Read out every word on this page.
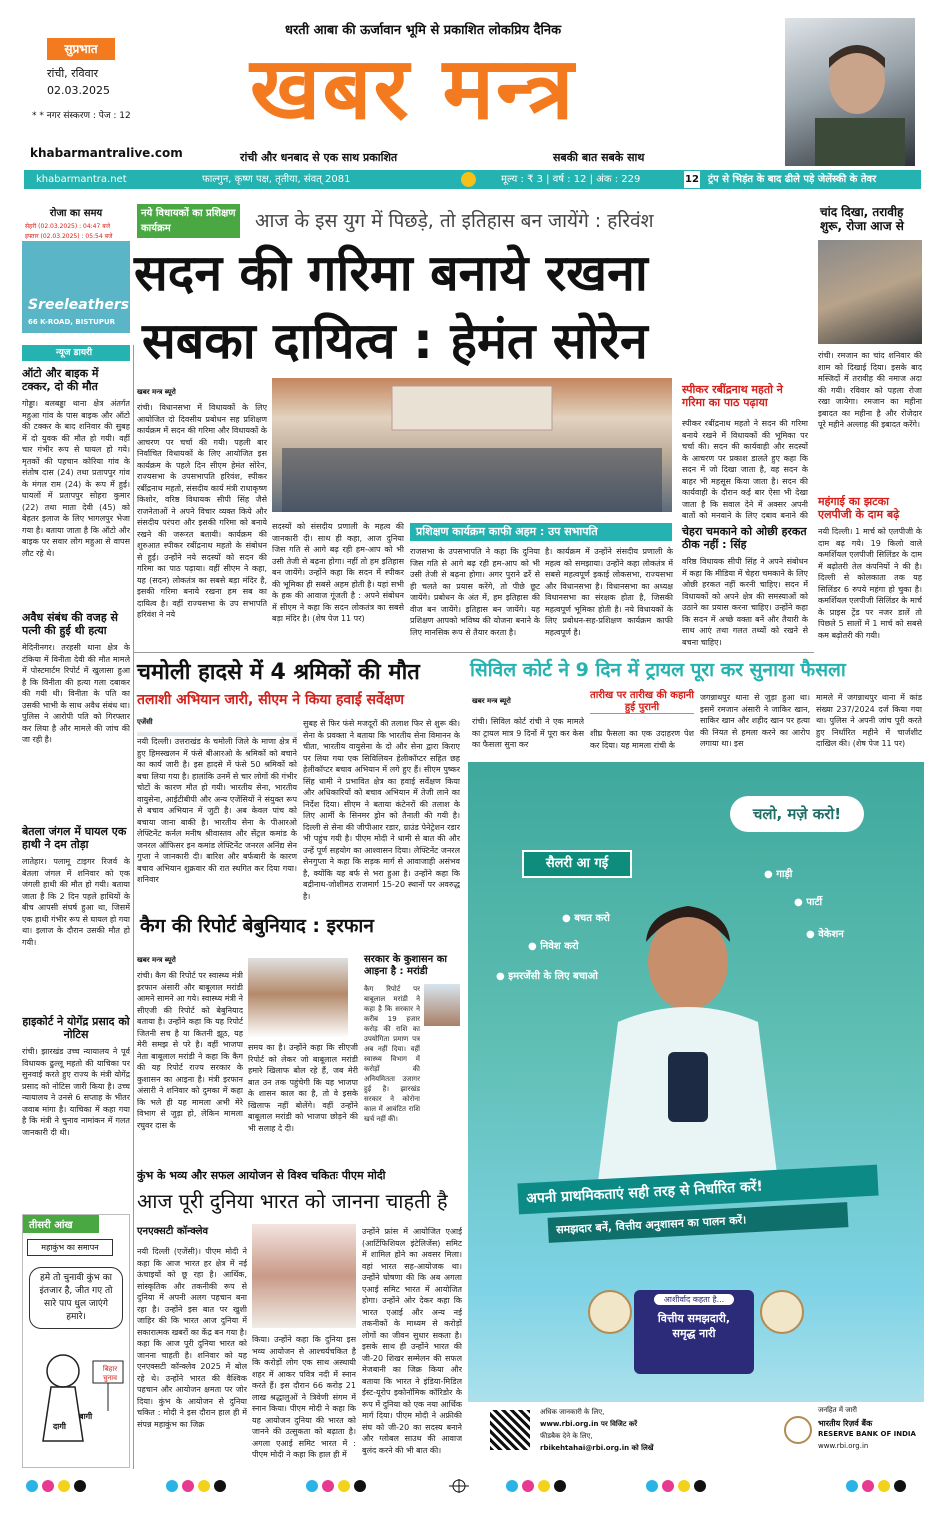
सुप्रभात
रांची, रविवार
02.03.2025
* * नगर संस्करण : पेज : 12
धरती आबा की ऊर्जावान भूमि से प्रकाशित लोकप्रिय दैनिक
खबर मन्त्र
khabarmantralive.com	रांची और धनबाद से एक साथ प्रकाशित	सबकी बात सबके साथ
khabarmantra.net	फाल्गुन, कृष्ण पक्ष, तृतीया, संवत् 2081	मूल्य : ₹ 3 | वर्ष : 12 | अंक : 229	12 ट्रंप से भिड़ंत के बाद ढीले पड़े जेलेंस्की के तेवर
रोजा का समय
सेहरी (02.03.2025) : 04:47 बजे
इफ्तार (02.03.2025) : 05:54 बजे
Sreeleathers
66 K-ROAD, BISTUPUR
नये विधायकों का प्रशिक्षण कार्यक्रम	आज के इस युग में पिछड़े, तो इतिहास बन जायेंगे : हरिवंश
सदन की गरिमा बनाये रखना
सबका दायित्व : हेमंत सोरेन
खबर मन्त्र ब्यूरो
रांची। विधानसभा में विधायकों के लिए आयोजित दो दिवसीय प्रबोधन सह प्रशिक्षण कार्यक्रम में सदन की गरिमा और विधायकों के आचरण पर चर्चा की गयी। पहली बार निर्वाचित विधायकों के लिए आयोजित इस कार्यक्रम के पहले दिन सीएम हेमंत सोरेन, राज्यसभा के उपसभापति हरिवंश, स्पीकर रबींद्रनाथ महतो, संसदीय कार्य मंत्री राधाकृष्ण किशोर, वरिष्ठ विधायक सीपी सिंह जैसे राजनेताओं ने अपने विचार व्यक्त किये और संसदीय परंपरा और इसकी गरिमा को बनाये रखने की जरूरत बतायी। कार्यक्रम की शुरुआत स्पीकर रबींद्रनाथ महतो के संबोधन से हुई। उन्होंने नये सदस्यों को सदन की गरिमा का पाठ पढ़ाया। वहीं सीएम ने कहा, यह (सदन) लोकतंत्र का सबसे बड़ा मंदिर है, इसकी गरिमा बनाये रखना हम सब का दायित्व है। वहीं राज्यसभा के उप सभापति हरिवंश ने नये
सदस्यों को संसदीय प्रणाली के महत्व की जानकारी दी। साथ ही कहा, आज दुनिया जिस गति से आगे बढ़ रही हम-आप को भी उसी तेजी से बढ़ना होगा। नहीं तो हम इतिहास बन जायेंगे। उन्होंने कहा कि सदन में स्पीकर की भूमिका ही सबसे अहम होती है। यहां सभी के हक की आवाज गूंजती है : अपने संबोधन में सीएम ने कहा कि सदन लोकतंत्र का सबसे बड़ा मंदिर है। (शेष पेज 11 पर)
प्रशिक्षण कार्यक्रम काफी अहम : उप सभापति
राजसभा के उपसभापति ने कहा कि दुनिया जिस गति से आगे बढ़ रही हम-आप को भी उसी तेजी से बढ़ना होगा। अगर पुराने ढर्रे से ही चलते का प्रयास करेंगे, तो पीछे छूट जायेंगे। प्रबोधन के अंत में, हम इतिहास की वीज बन जायेंगे। इतिहास बन जायेंगे। यह प्रशिक्षण आपको भविष्य की योजना बनाने के लिए मानसिक रूप से तैयार करता है।
है। कार्यक्रम में उन्होंने संसदीय प्रणाली के महत्व को समझाया। उन्होंने कहा लोकतंत्र में सबसे महत्वपूर्ण इकाई लोकसभा, राज्यसभा और विधानसभा है। विधानसभा का अध्यक्ष विधानसभा का संरक्षक होता है, जिसकी महत्वपूर्ण भूमिका होती है। नये विधायकों के लिए प्रबोधन-सह-प्रशिक्षण कार्यक्रम काफी महत्वपूर्ण है।
स्पीकर रबींद्रनाथ महतो ने गरिमा का पाठ पढ़ाया
स्पीकर रबींद्रनाथ महतो ने सदन की गरिमा बनाये रखने में विधायकों की भूमिका पर चर्चा की। सदन की कार्यवाही और सदस्यों के आचरण पर प्रकाश डालते हुए कहा कि सदन में जो दिखा जाता है, वह सदन के बाहर भी महसूस किया जाता है। सदन की कार्यवाही के दौरान कई बार ऐसा भी देखा जाता है कि सवाल देने में अक्सर अपनी बातों को मनवाने के लिए दबाव बनाने की
चेहरा चमकाने को ओछी हरकत ठीक नहीं : सिंह
वरिष्ठ विधायक सीपी सिंह ने अपने संबोधन में कहा कि मीडिया में चेहरा चमकाने के लिए ओछी हरकत नहीं करनी चाहिए। सदन में विधायकों को अपने क्षेत्र की समस्याओं को उठाने का प्रयास करना चाहिए। उन्होंने कहा कि सदन में अच्छे वक्ता बनें और तैयारी के साथ आएं तथा गलत तथ्यों को रखने से बचना चाहिए।
चांद दिखा, तरावीह शुरू, रोजा आज से
रांची। रमजान का चांद शनिवार की शाम को दिखाई दिया। इसके बाद मस्जिदों में तरावीह की नमाज अदा की गयी। रविवार को पहला रोजा रखा जायेगा। रमजान का महीना इबादत का महीना है और रोजेदार पूरे महीने अल्लाह की इबादत करेंगे।
महंगाई का झटका एलपीजी के दाम बढ़े
नयी दिल्ली। 1 मार्च को एलपीजी के दाम बढ़ गये। 19 किलो वाले कमर्शियल एलपीजी सिलिंडर के दाम में बढ़ोतरी तेल कंपनियों ने की है। दिल्ली से कोलकाता तक यह सिलिंडर 6 रुपये महंगा हो चुका है। कमर्शियल एलपीजी सिलिंडर के मार्च के प्राइस ट्रेंड पर नजर डालें तो पिछले 5 सालों में 1 मार्च को सबसे कम बढ़ोतरी की गयी।
न्यूज डायरी
ऑटो और बाइक में टक्कर, दो की मौत
गोड्डा। बलबड्डा थाना क्षेत्र अंतर्गत महुआ गांव के पास बाइक और ऑटो की टक्कर के बाद शनिवार की सुबह में दो युवक की मौत हो गयी। वहीं चार गंभीर रूप से घायल हो गये। मृतकों की पहचान कोरिया गांव के संतोष दास (24) तथा प्रतापपुर गांव के मंगल राम (24) के रूप में हुई। घायलों में प्रतापपुर सोहरा कुमार (22) तथा माता देवी (45) को बेहतर इलाज के लिए भागलपुर भेजा गया है। बताया जाता है कि ऑटो और बाइक पर सवार लोग महुआ से वापस लौट रहे थे।
अवैध संबंध की वजह से पत्नी की हुई थी हत्या
मेदिनीनगर। तरहसी थाना क्षेत्र के टंकिया में विनीता देवी की मौत मामले में पोस्टमार्टम रिपोर्ट में खुलासा हुआ है कि विनीता की हत्या गला दबाकर की गयी थी। विनीता के पति का उसकी भाभी के साथ अवैध संबंध था। पुलिस ने आरोपी पति को गिरफ्तार कर लिया है और मामले की जांच की जा रही है।
बेतला जंगल में घायल एक हाथी ने दम तोड़ा
लातेहार। पलामू टाइगर रिजर्व के बेतला जंगल में शनिवार को एक जंगली हाथी की मौत हो गयी। बताया जाता है कि 2 दिन पहले हाथियों के बीच आपसी संघर्ष हुआ था, जिसमें एक हाथी गंभीर रूप से घायल हो गया था। इलाज के दौरान उसकी मौत हो गयी।
हाइकोर्ट ने योगेंद्र प्रसाद को नोटिस
रांची। झारखंड उच्च न्यायालय ने पूर्व विधायक ढुल्लू महतो की याचिका पर सुनवाई करते हुए राज्य के मंत्री योगेंद्र प्रसाद को नोटिस जारी किया है। उच्च न्यायालय ने उनसे 6 सप्ताह के भीतर जवाब मांगा है। याचिका में कहा गया है कि मंत्री ने चुनाव नामांकन में गलत जानकारी दी थी।
तीसरी आंख
महाकुंभ का समापन
हमे तो चुनावी कुंभ का इंतजार है, जीत गए तो सारे पाप धुल जाएंगे हमारे।
बिहार चुनाव
दागी
बागी
चमोली हादसे में 4 श्रमिकों की मौत
तलाशी अभियान जारी, सीएम ने किया हवाई सर्वेक्षण
एजेंसी
नयी दिल्ली। उत्तराखंड के चमोली जिले के माणा क्षेत्र में हुए हिमस्खलन में फंसे बीआरओ के श्रमिकों को बचाने का कार्य जारी है। इस हादसे में फंसे 50 श्रमिकों को बचा लिया गया है। हालांकि उनमें से चार लोगों की गंभीर चोटों के कारण मौत हो गयी। भारतीय सेना, भारतीय वायुसेना, आईटीबीपी और अन्य एजेंसियों ने संयुक्त रूप से बचाव अभियान में जुटी है। अब केवल पांच को बचाया जाना बाकी है। भारतीय सेना के पीआरओ लेफ्टिनेंट कर्नल मनीष श्रीवास्तव और सेंट्रल कमांड के जनरल ऑफिसर इन कमांड लेफ्टिनेंट जनरल अनिंद्य सेन गुप्ता ने जानकारी दी। बारिश और बर्फबारी के कारण बचाव अभियान शुक्रवार की रात स्थगित कर दिया गया। शनिवार
सुबह से फिर फंसे मजदूरों की तलाश फिर से शुरू की। सेना के प्रवक्ता ने बताया कि भारतीय सेना विमानन के चीता, भारतीय वायुसेना के दो और सेना द्वारा किराए पर लिया गया एक सिविलियन हेलीकॉप्टर सहित छह हेलीकॉप्टर बचाव अभियान में लगे हुए हैं। सीएम पुष्कर सिंह धामी ने प्रभावित क्षेत्र का हवाई सर्वेक्षण किया और अधिकारियों को बचाव अभियान में तेजी लाने का निर्देश दिया। सीएम ने बताया कंटेनरों की तलाश के लिए आर्मी के सिनमर ड्रोन को तैनाती की गयी है। दिल्ली से सेना की जीपीआर रडार, ग्राउंड पेनेट्रेशन रडार भी पहुंच गयी है। पीएम मोदी ने धामी से बात की और उन्हें पूर्ण सहयोग का आश्वासन दिया। लेफ्टिनेंट जनरल सेनगुप्ता ने कहा कि सड़क मार्ग से आवाजाही असंभव है, क्योंकि यह बर्फ से भरा हुआ है। उन्होंने कहा कि बद्रीनाथ-जोशीमठ राजमार्ग 15-20 स्थानों पर अवरुद्ध है।
सिविल कोर्ट ने 9 दिन में ट्रायल पूरा कर सुनाया फैसला
खबर मन्त्र ब्यूरो
रांची। सिविल कोर्ट रांची ने एक मामले का ट्रायल मात्र 9 दिनों में पूरा कर केस का फैसला सुना कर
तारीख पर तारीख की कहानी हुई पुरानी
शीघ्र फैसला का एक उदाहरण पेश कर दिया। यह मामला रांची के
जगन्नाथपुर थाना से जुड़ा हुआ था। इसमें रमजान अंसारी ने जाकिर खान, साकिर खान और शहीद खान पर हत्या की नियत से हमला करने का आरोप लगाया था। इस
मामले में जगन्नाथपुर थाना में कांड संख्या 237/2024 दर्ज किया गया था। पुलिस ने अपनी जांच पूरी करते हुए निर्धारित महीने में चार्जशीट दाखिल की। (शेष पेज 11 पर)
कैग की रिपोर्ट बेबुनियाद : इरफान
खबर मन्त्र ब्यूरो
रांची। कैग की रिपोर्ट पर स्वास्थ्य मंत्री इरफान अंसारी और बाबूलाल मरांडी आमने सामने आ गये। स्वास्थ्य मंत्री ने सीएजी की रिपोर्ट को बेबुनियाद बताया है। उन्होंने कहा कि यह रिपोर्ट जितनी सच है या कितनी झूठ, यह मेरी समझ से परे है। वहीं भाजपा नेता बाबूलाल मरांडी ने कहा कि कैग की यह रिपोर्ट राज्य सरकार के कुशासन का आइना है। मंत्री इरफान अंसारी ने शनिवार को दुमका में कहा कि भले ही यह मामला अभी मेरे विभाग से जुड़ा हो, लेकिन मामला रघुवर दास के
समय का है। उन्होंने कहा कि सीएजी रिपोर्ट को लेकर जो बाबूलाल मरांडी हमारे खिलाफ बोल रहे हैं, जब मेरी बात उन तक पहुंचेगी कि यह भाजपा के शासन काल का है, तो वे इसके खिलाफ नहीं बोलेंगे। वहीं उन्होंने बाबूलाल मरांडी को भाजपा छोड़ने की भी सलाह दे दी।
सरकार के कुशासन का आइना है : मरांडी
कैग रिपोर्ट पर बाबूलाल मरांडी ने कहा है कि सरकार ने करीब 19 हजार करोड़ की राशि का उपयोगिता प्रमाण पत्र अब नहीं दिया। वहीं स्वास्थ्य विभाग में करोड़ों की अनियमितता उजागर हुई है। झारखंड सरकार ने कोरोना काल में आवंटित राशि खर्च नहीं की।
कुंभ के भव्य और सफल आयोजन से विश्व चकितः पीएम मोदी
आज पूरी दुनिया भारत को जानना चाहती है
एनएक्सटी कॉन्क्लेव
नयी दिल्ली (एजेंसी)। पीएम मोदी ने कहा कि आज भारत हर क्षेत्र में नई ऊंचाइयों को छू रहा है। आर्थिक, सांस्कृतिक और तकनीकी रूप से दुनिया में अपनी अलग पहचान बना रहा है। उन्होंने इस बात पर खुशी जाहिर की कि भारत आज दुनिया में सकारात्मक खबरों का केंद्र बन गया है। कहा कि आज पूरी दुनिया भारत को जानना चाहती है। शनिवार को यह एनएक्सटी कॉन्क्लेव 2025 में बोल रहे थे। उन्होंने भारत की वैश्विक पहचान और आयोजन क्षमता पर जोर दिया। कुंभ के आयोजन से दुनिया चकित : मोदी ने इस दौरान हाल ही में संपन्न महाकुंभ का जिक्र
किया। उन्होंने कहा कि दुनिया इस भव्य आयोजन से आश्चर्यचकित है कि करोड़ों लोग एक साथ अस्थायी शहर में आकर पवित्र नदी में स्नान करते हैं। इस दौरान 66 करोड़ 21 लाख श्रद्धालुओं ने त्रिवेणी संगम में स्नान किया। पीएम मोदी ने कहा कि यह आयोजन दुनिया की भारत को जानने की उत्सुकता को बढ़ाता है। अगला एआई समिट भारत में : पीएम मोदी ने कहा कि हाल ही में
उन्होंने फ्रांस में आयोजित एआई (आर्टिफिशियल इंटेलिजेंस) समिट में शामिल होने का अवसर मिला। वहां भारत सह-आयोजक था। उन्होंने घोषणा की कि अब अगला एआई समिट भारत में आयोजित होगा। उन्होंने ओर देकर कहा कि भारत एआई और अन्य नई तकनीकों के माध्यम से करोड़ों लोगों का जीवन सुधार सकता है। इसके साथ ही उन्होंने भारत की जी-20 शिखर सम्मेलन की सफल मेजबानी का जिक्र किया और बताया कि भारत ने इंडिया-मिडिल ईस्ट-यूरोप इकोनॉमिक कॉरिडोर के रूप में दुनिया को एक नया आर्थिक मार्ग दिया। पीएम मोदी ने अफ्रीकी संघ को जी-20 का सदस्य बनाने और ग्लोबल साउथ की आवाज बुलंद करने की भी बात की।
चलो, मज़े करो!
सैलरी आ गई
● बचत करो
● निवेश करो
● इमरजेंसी के लिए बचाओ
● गाड़ी
● पार्टी
● वेकेशन
अपनी प्राथमिकताएं सही तरह से निर्धारित करें!
समझदार बनें, वित्तीय अनुशासन का पालन करें।
आशीर्वाद कहता है...
वित्तीय समझदारी,
समृद्ध नारी
अधिक जानकारी के लिए,
www.rbi.org.in पर विजिट करें
फीडबैक देने के लिए,
rbikehtahai@rbi.org.in को लिखें
जनहित में जारी
भारतीय रिज़र्व बैंक
RESERVE BANK OF INDIA
www.rbi.org.in
